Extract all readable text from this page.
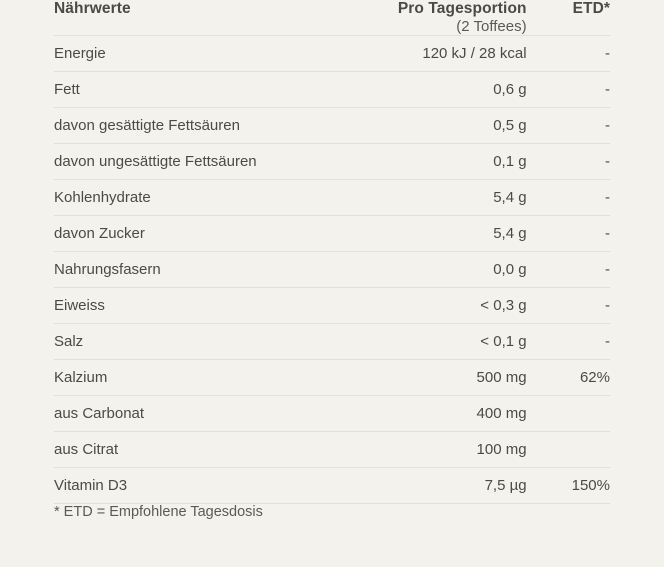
Nährwerte	Pro Tagesportion	ETD*
	(2 Toffees)	
Energie	120 kJ / 28 kcal	-
Fett	0,6 g	-
davon gesättigte Fettsäuren	0,5 g	-
davon ungesättigte Fettsäuren	0,1 g	-
Kohlenhydrate	5,4 g	-
davon Zucker	5,4 g	-
Nahrungsfasern	0,0 g	-
Eiweiss	< 0,3 g	-
Salz	< 0,1 g	-
Kalzium	500 mg	62%
aus Carbonat	400 mg	
aus Citrat	100 mg	
Vitamin D3	7,5 µg	150%
* ETD = Empfohlene Tagesdosis		
